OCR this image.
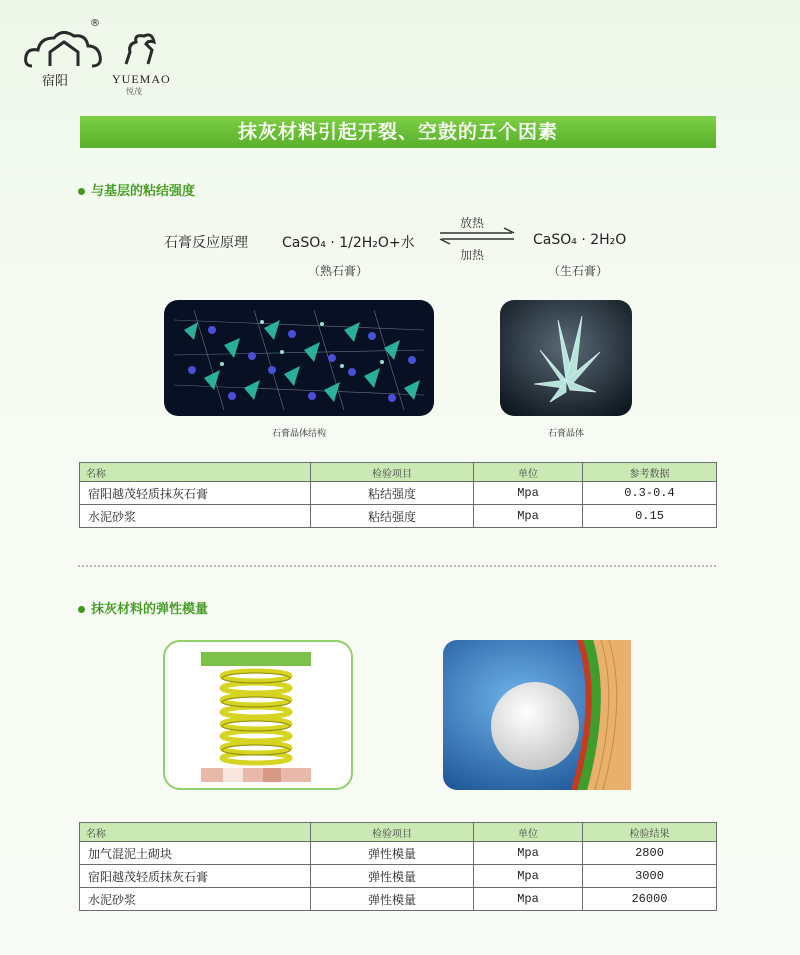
®
宿阳	YUEMAO
悦茂
抹灰材料引起开裂、空鼓的五个因素
与基层的粘结强度
石膏反应原理 CaSO₄ · 1/2H₂O+水
（熟石膏）
放热
加热
CaSO₄ · 2H₂O
（生石膏）
石膏晶体结构	石膏晶体
名称	检验项目	单位	参考数据
宿阳越茂轻质抹灰石膏	粘结强度	Mpa	0.3-0.4
水泥砂浆	粘结强度	Mpa	0.15
抹灰材料的弹性模量
名称	检验项目	单位	检验结果
加气混泥土砌块	弹性模量	Mpa	2800
宿阳越茂轻质抹灰石膏	弹性模量	Mpa	3000
水泥砂浆	弹性模量	Mpa	26000
